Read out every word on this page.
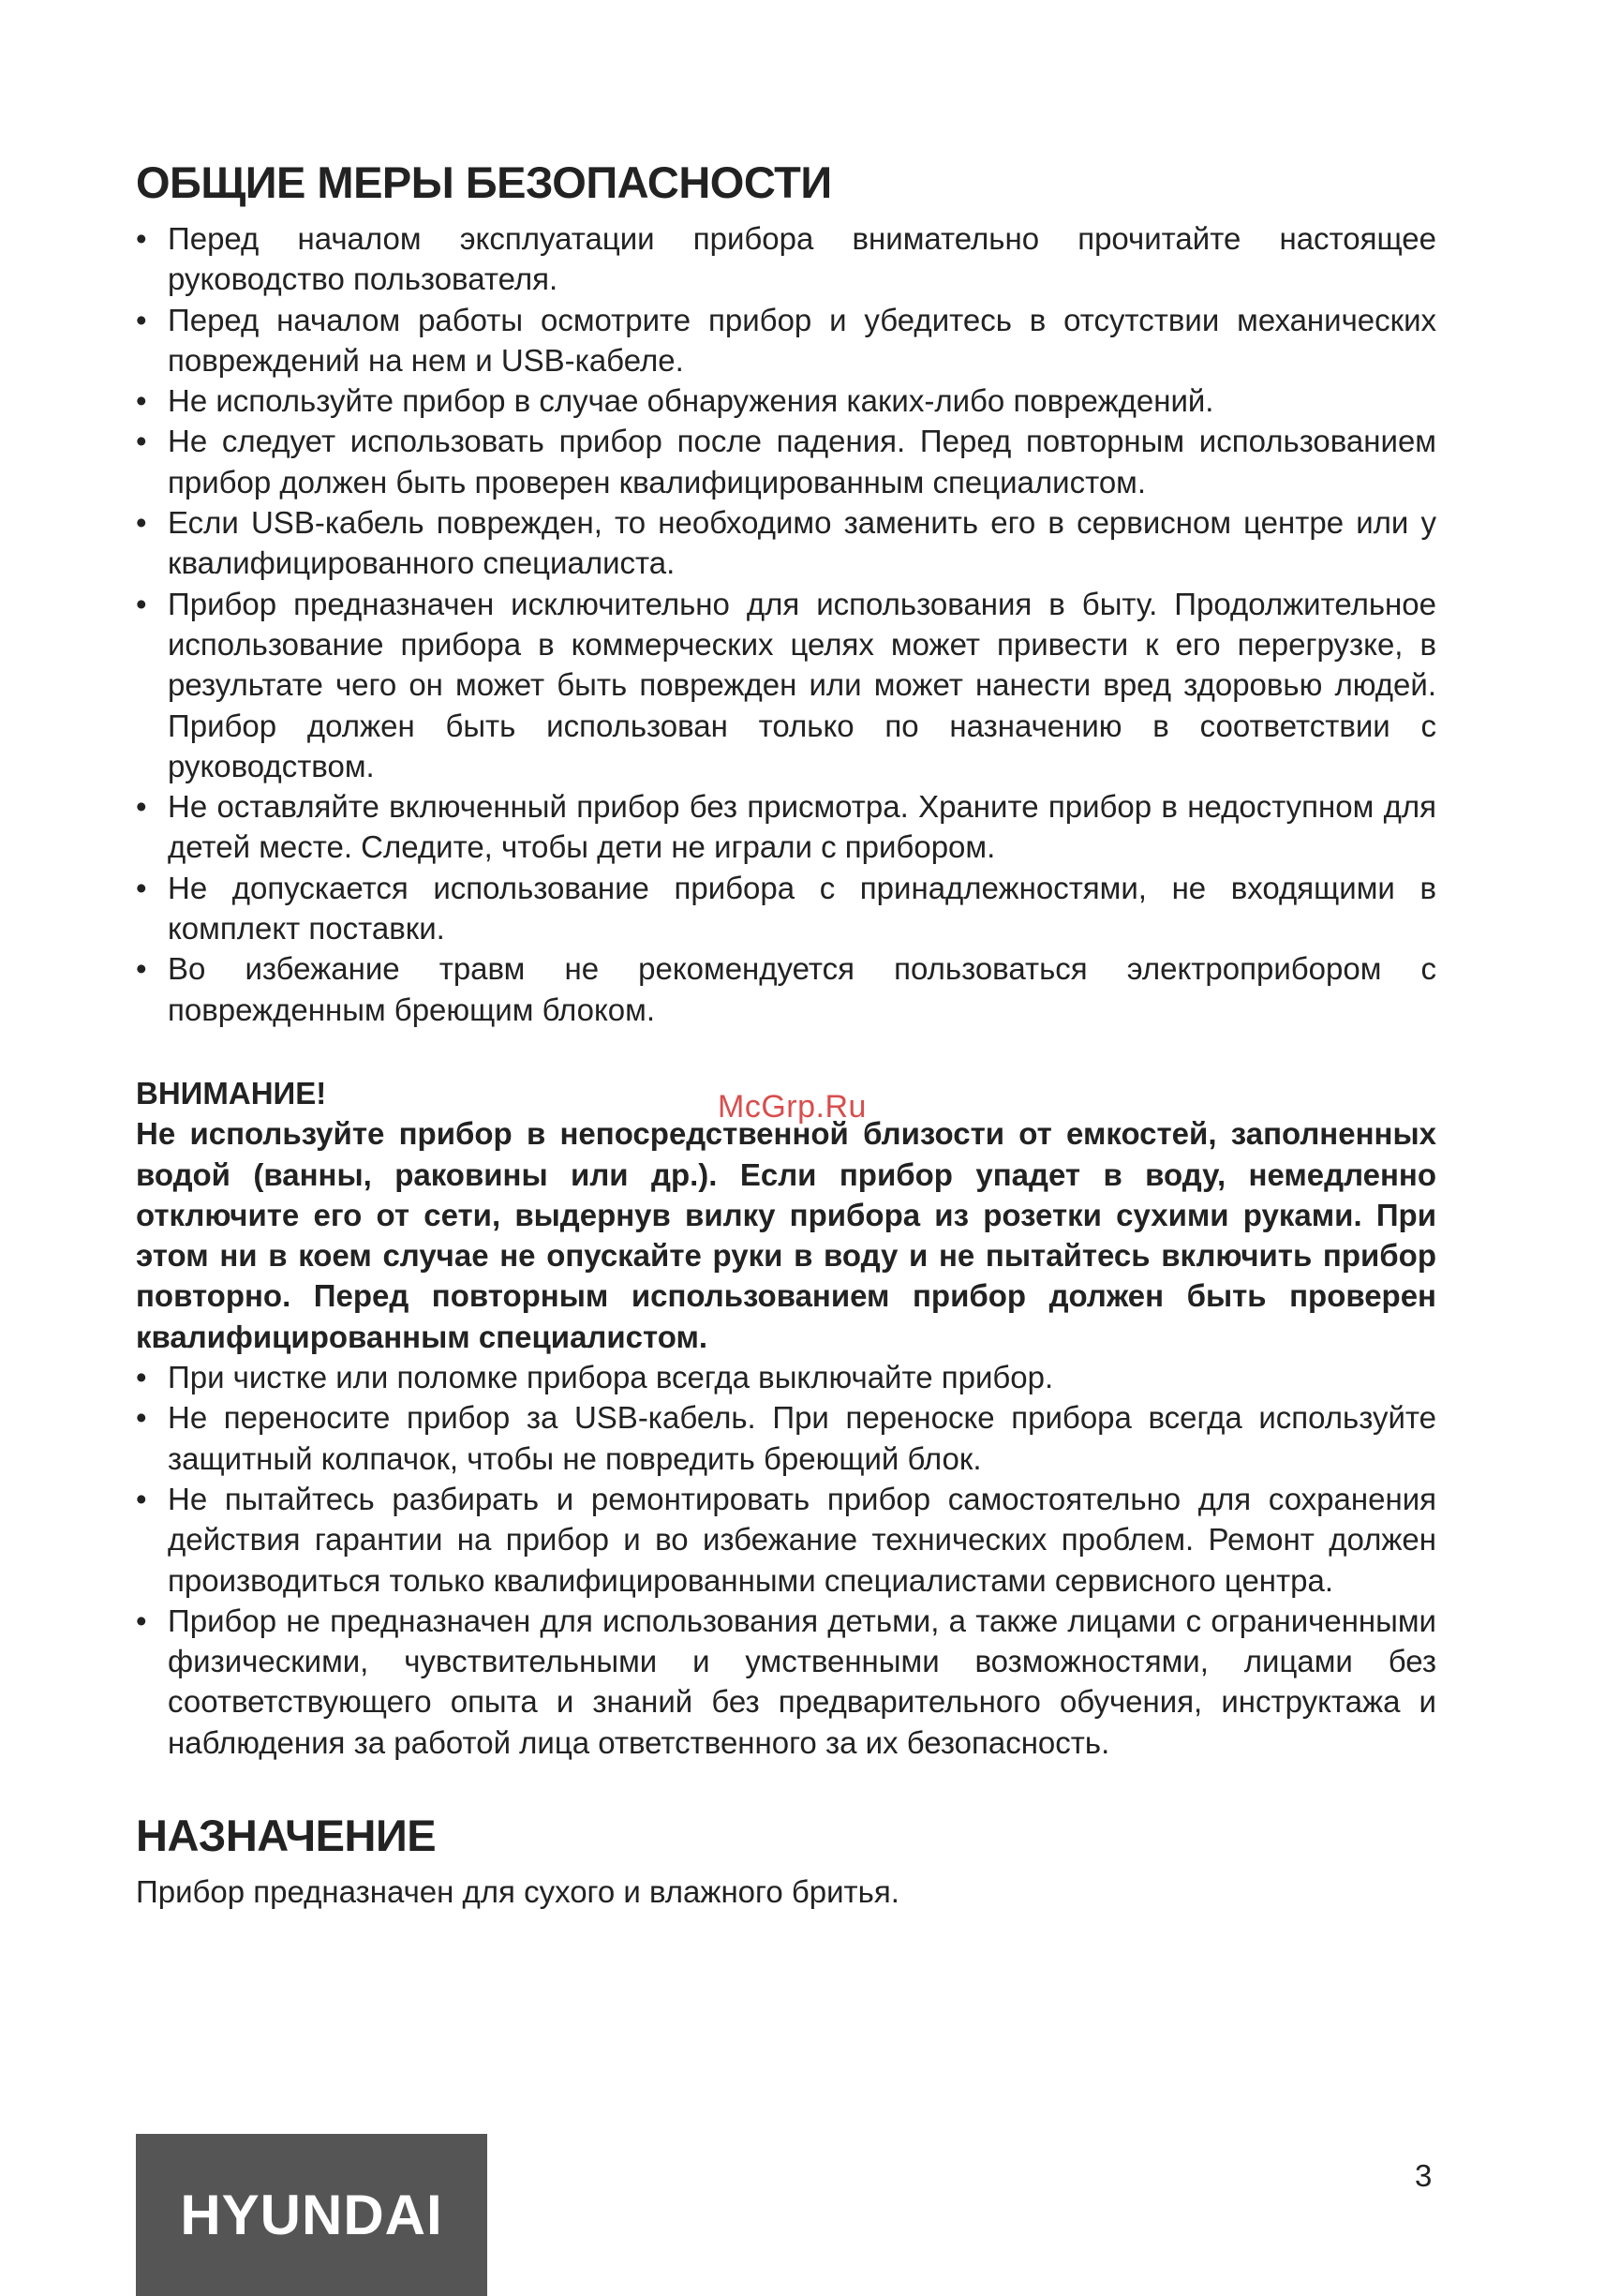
ОБЩИЕ МЕРЫ БЕЗОПАСНОСТИ
• Перед началом эксплуатации прибора внимательно прочитайте настоящее руководство пользователя.
• Перед началом работы осмотрите прибор и убедитесь в отсутствии механических повреждений на нем и USB-кабеле.
• Не используйте прибор в случае обнаружения каких-либо повреждений.
• Не следует использовать прибор после падения. Перед повторным использованием прибор должен быть проверен квалифицированным специалистом.
• Если USB-кабель поврежден, то необходимо заменить его в сервисном центре или у квалифицированного специалиста.
• Прибор предназначен исключительно для использования в быту. Продолжительное использование прибора в коммерческих целях может привести к его перегрузке, в результате чего он может быть поврежден или может нанести вред здоровью людей. Прибор должен быть использован только по назначению в соответствии с руководством.
• Не оставляйте включенный прибор без присмотра. Храните прибор в недоступном для детей месте. Следите, чтобы дети не играли с прибором.
• Не допускается использование прибора с принадлежностями, не входящими в комплект поставки.
• Во избежание травм не рекомендуется пользоваться электроприбором с поврежденным бреющим блоком.
ВНИМАНИЕ!
Не используйте прибор в непосредственной близости от емкостей, заполненных водой (ванны, раковины или др.). Если прибор упадет в воду, немедленно отключите его от сети, выдернув вилку прибора из розетки сухими руками. При этом ни в коем случае не опускайте руки в воду и не пытайтесь включить прибор повторно. Перед повторным использованием прибор должен быть проверен квалифицированным специалистом.
• При чистке или поломке прибора всегда выключайте прибор.
• Не переносите прибор за USB-кабель. При переноске прибора всегда используйте защитный колпачок, чтобы не повредить бреющий блок.
• Не пытайтесь разбирать и ремонтировать прибор самостоятельно для сохранения действия гарантии на прибор и во избежание технических проблем. Ремонт должен производиться только квалифицированными специалистами сервисного центра.
• Прибор не предназначен для использования детьми, а также лицами с ограниченными физическими, чувствительными и умственными возможностями, лицами без соответствующего опыта и знаний без предварительного обучения, инструктажа и наблюдения за работой лица ответственного за их безопасность.
НАЗНАЧЕНИЕ
Прибор предназначен для сухого и влажного бритья.
McGrp.Ru
HYUNDAI
3
